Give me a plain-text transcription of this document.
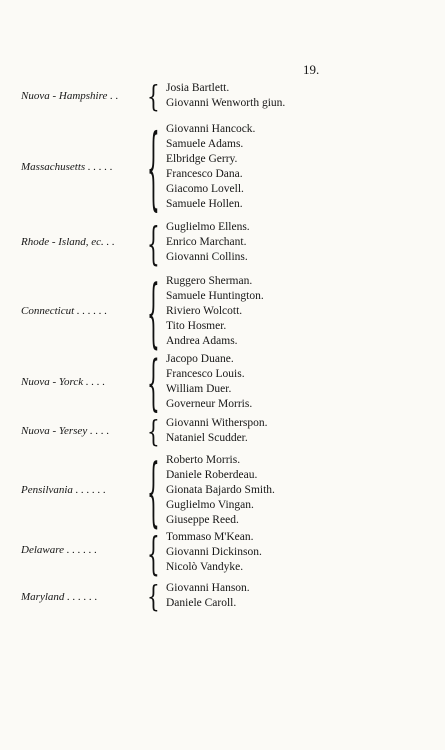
19.
Nuova - Hampshire . . { Josia Bartlett.
Giovanni Wenworth giun.
Massachusetts . . . . . { Giovanni Hancock.
Samuele Adams.
Elbridge Gerry.
Francesco Dana.
Giacomo Lovell.
Samuele Hollen.
Rhode - Island, ec. . . { Guglielmo Ellens.
Enrico Marchant.
Giovanni Collins.
Connecticut . . . . . . { Ruggero Sherman.
Samuele Huntington.
Riviero Wolcott.
Tito Hosmer.
Andrea Adams.
Nuova - Yorck . . . . { Jacopo Duane.
Francesco Louis.
William Duer.
Governeur Morris.
Nuova - Yersey . . . . { Giovanni Witherspon.
Nataniel Scudder.
Pensilvania . . . . . . { Roberto Morris.
Daniele Roberdeau.
Gionata Bajardo Smith.
Guglielmo Vingan.
Giuseppe Reed.
Delaware . . . . . .	{ Tommaso M'Kean.
Giovanni Dickinson.
Nicolò Vandyke.
Maryland . . . . . . { Giovanni Hanson.
Daniele Caroll.
